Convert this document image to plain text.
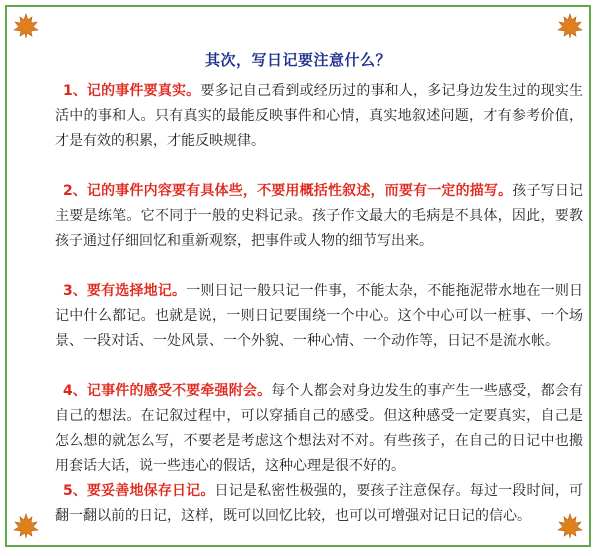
其次，写日记要注意什么？

1、记的事件要真实。要多记自己看到或经历过的事和人，多记身边发生过的现实生活中的事和人。只有真实的最能反映事件和心情，真实地叙述问题，才有参考价值，才是有效的积累，才能反映规律。

2、记的事件内容要有具体些，不要用概括性叙述，而要有一定的描写。孩子写日记主要是练笔。它不同于一般的史料记录。孩子作文最大的毛病是不具体，因此，要教孩子通过仔细回忆和重新观察，把事件或人物的细节写出来。

3、要有选择地记。一则日记一般只记一件事，不能太杂，不能拖泥带水地在一则日记中什么都记。也就是说，一则日记要围绕一个中心。这个中心可以一桩事、一个场景、一段对话、一处风景、一个外貌、一种心情、一个动作等，日记不是流水帐。

4、记事件的感受不要牵强附会。每个人都会对身边发生的事产生一些感受，都会有自己的想法。在记叙过程中，可以穿插自己的感受。但这种感受一定要真实，自己是怎么想的就怎么写，不要老是考虑这个想法对不对。有些孩子，在自己的日记中也搬用套话大话，说一些违心的假话，这种心理是很不好的。

5、要妥善地保存日记。日记是私密性极强的，要孩子注意保存。每过一段时间，可翻一翻以前的日记，这样，既可以回忆比较，也可以可增强对记日记的信心。
